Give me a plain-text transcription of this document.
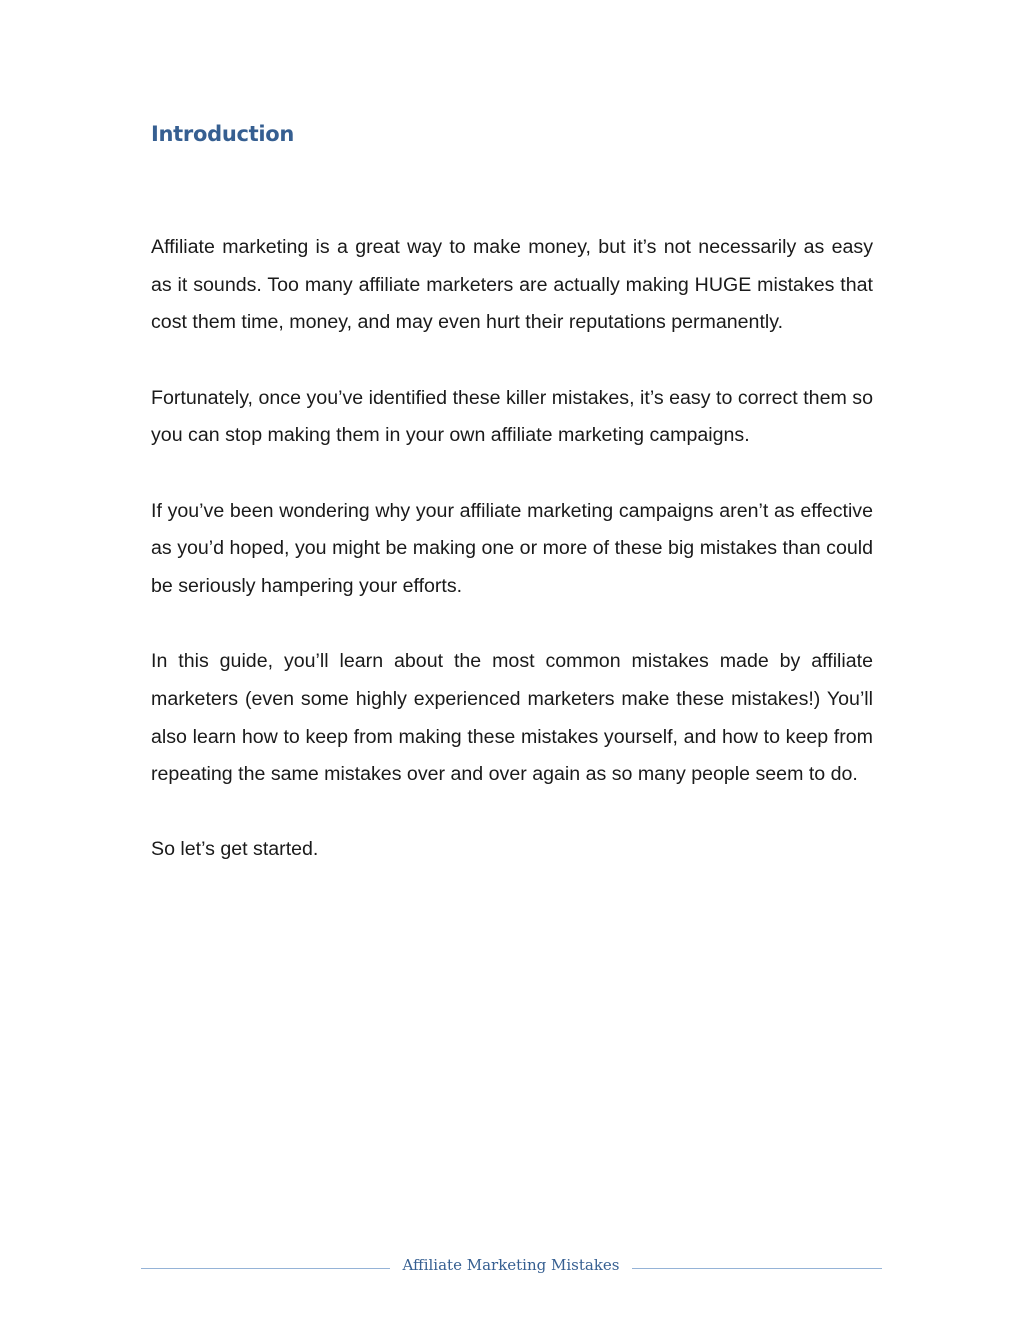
Introduction

Affiliate marketing is a great way to make money, but it’s not necessarily as easy as it sounds. Too many affiliate marketers are actually making HUGE mistakes that cost them time, money, and may even hurt their reputations permanently.

Fortunately, once you’ve identified these killer mistakes, it’s easy to correct them so you can stop making them in your own affiliate marketing campaigns.

If you’ve been wondering why your affiliate marketing campaigns aren’t as effective as you’d hoped, you might be making one or more of these big mistakes than could be seriously hampering your efforts.

In this guide, you’ll learn about the most common mistakes made by affiliate marketers (even some highly experienced marketers make these mistakes!) You’ll also learn how to keep from making these mistakes yourself, and how to keep from repeating the same mistakes over and over again as so many people seem to do.

So let’s get started.

Affiliate Marketing Mistakes
